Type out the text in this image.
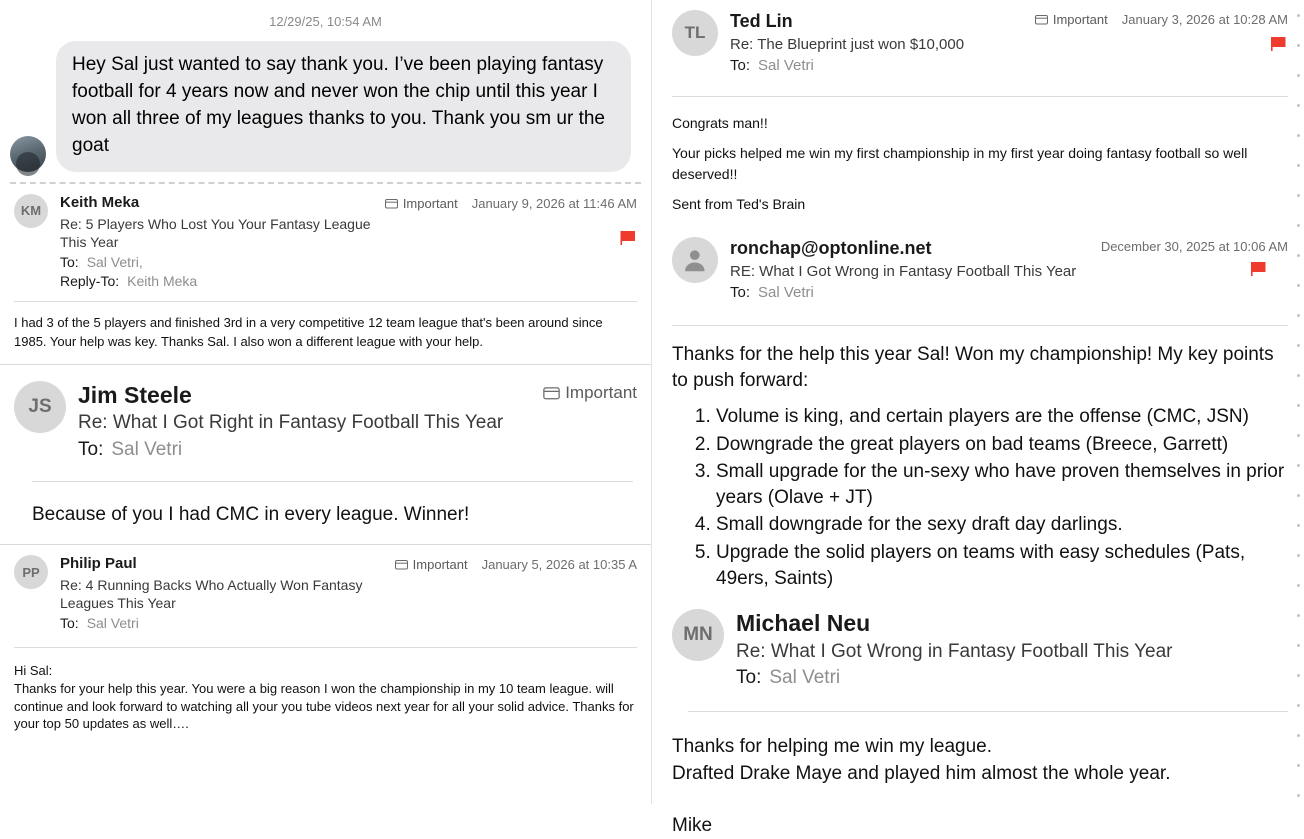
12/29/25, 10:54 AM
Hey Sal just wanted to say thank you. I’ve been playing fantasy football for 4 years now and never won the chip until this year I won all three of my leagues thanks to you. Thank you sm ur the goat
KM	Keith Meka
Re: 5 Players Who Lost You Your Fantasy League This Year
To: Sal Vetri,
Reply-To: Keith Meka
Important January 9, 2026 at 11:46 AM

I had 3 of the 5 players and finished 3rd in a very competitive 12 team league that's been around since 1985. Your help was key. Thanks Sal. I also won a different league with your help.

JS	Jim Steele
Re: What I Got Right in Fantasy Football This Year
To: Sal Vetri
Important

Because of you I had CMC in every league. Winner!

PP	Philip Paul
Re: 4 Running Backs Who Actually Won Fantasy Leagues This Year
To: Sal Vetri
Important January 5, 2026 at 10:35 A

Hi Sal:

Thanks for your help this year. You were a big reason I won the championship in my 10 team league. will continue and look forward to watching all your you tube videos next year for all your solid advice. Thanks for your top 50 updates as well….

TL
Ted Lin
Re: The Blueprint just won $10,000
To: Sal Vetri
Important January 3, 2026 at 10:28 AM

Congrats man!!

Your picks helped me win my first championship in my first year doing fantasy football so well deserved!!

Sent from Ted's Brain

ronchap@optonline.net
RE: What I Got Wrong in Fantasy Football This Year
To: Sal Vetri
December 30, 2025 at 10:06 AM

Thanks for the help this year Sal! Won my championship! My key points to push forward:

1. Volume is king, and certain players are the offense (CMC, JSN)
2. Downgrade the great players on bad teams (Breece, Garrett)
3. Small upgrade for the un-sexy who have proven themselves in prior years (Olave + JT)
4. Small downgrade for the sexy draft day darlings.
5. Upgrade the solid players on teams with easy schedules (Pats, 49ers, Saints)
MN	Michael Neu
Re: What I Got Wrong in Fantasy Football This Year
To: Sal Vetri

Thanks for helping me win my league.

Drafted Drake Maye and played him almost the whole year.

Mike
